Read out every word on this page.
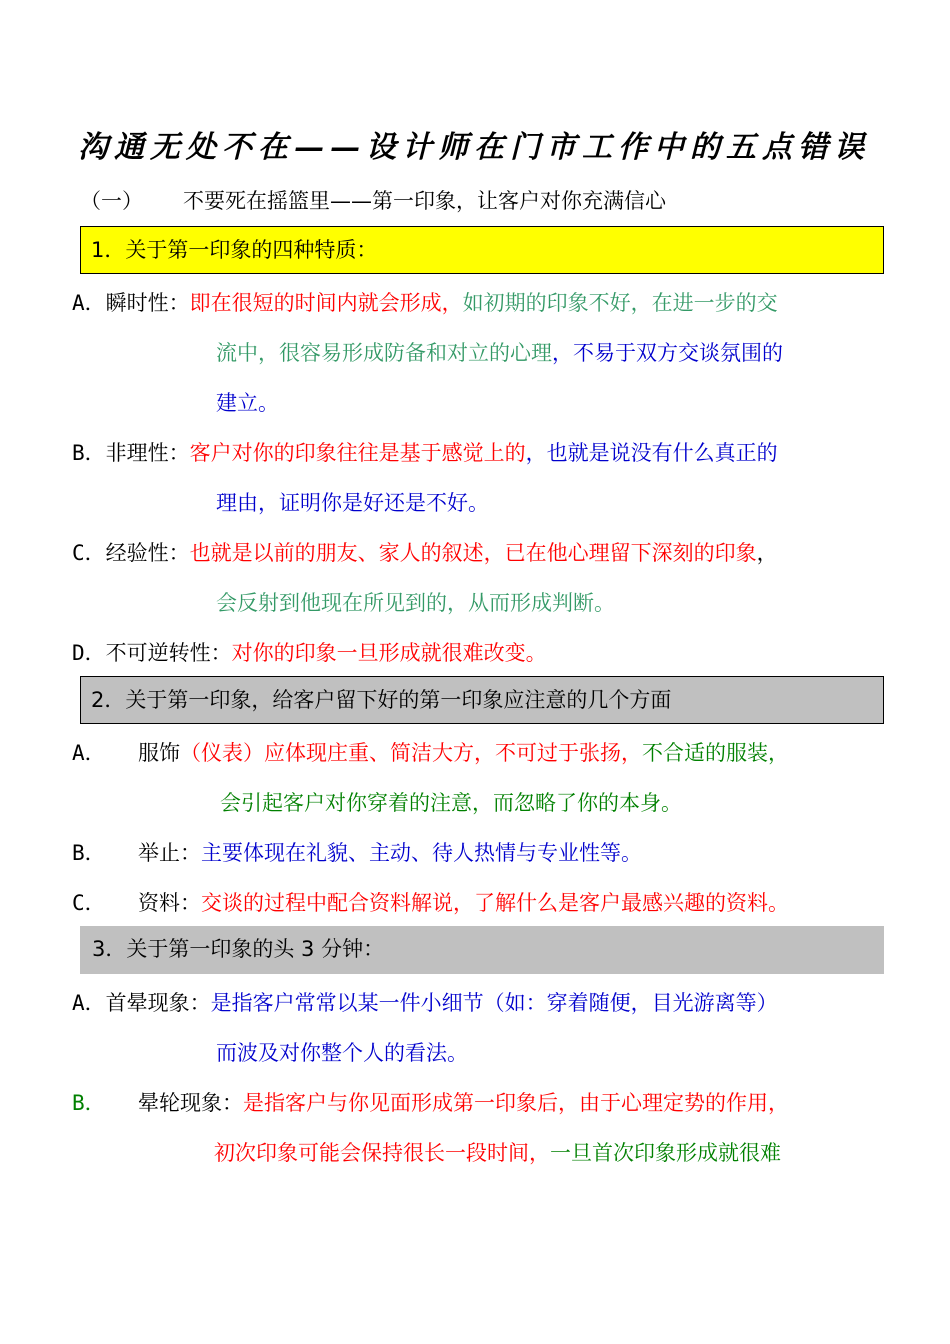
沟通无处不在——设计师在门市工作中的五点错误
（一） 不要死在摇篮里——第一印象，让客户对你充满信心
1．关于第一印象的四种特质：
A．瞬时性：即在很短的时间内就会形成，如初期的印象不好，在进一步的交
流中，很容易形成防备和对立的心理，不易于双方交谈氛围的
建立。
B．非理性：客户对你的印象往往是基于感觉上的，也就是说没有什么真正的
理由，证明你是好还是不好。
C．经验性：也就是以前的朋友、家人的叙述，已在他心理留下深刻的印象，
会反射到他现在所见到的，从而形成判断。
D．不可逆转性：对你的印象一旦形成就很难改变。
2．关于第一印象，给客户留下好的第一印象应注意的几个方面
A． 服饰（仪表）应体现庄重、简洁大方，不可过于张扬，不合适的服装，
会引起客户对你穿着的注意，而忽略了你的本身。
B． 举止：主要体现在礼貌、主动、待人热情与专业性等。
C． 资料：交谈的过程中配合资料解说，了解什么是客户最感兴趣的资料。
3．关于第一印象的头 3 分钟：
A．首晕现象：是指客户常常以某一件小细节（如：穿着随便，目光游离等）
而波及对你整个人的看法。
B． 晕轮现象：是指客户与你见面形成第一印象后，由于心理定势的作用，
初次印象可能会保持很长一段时间，一旦首次印象形成就很难
